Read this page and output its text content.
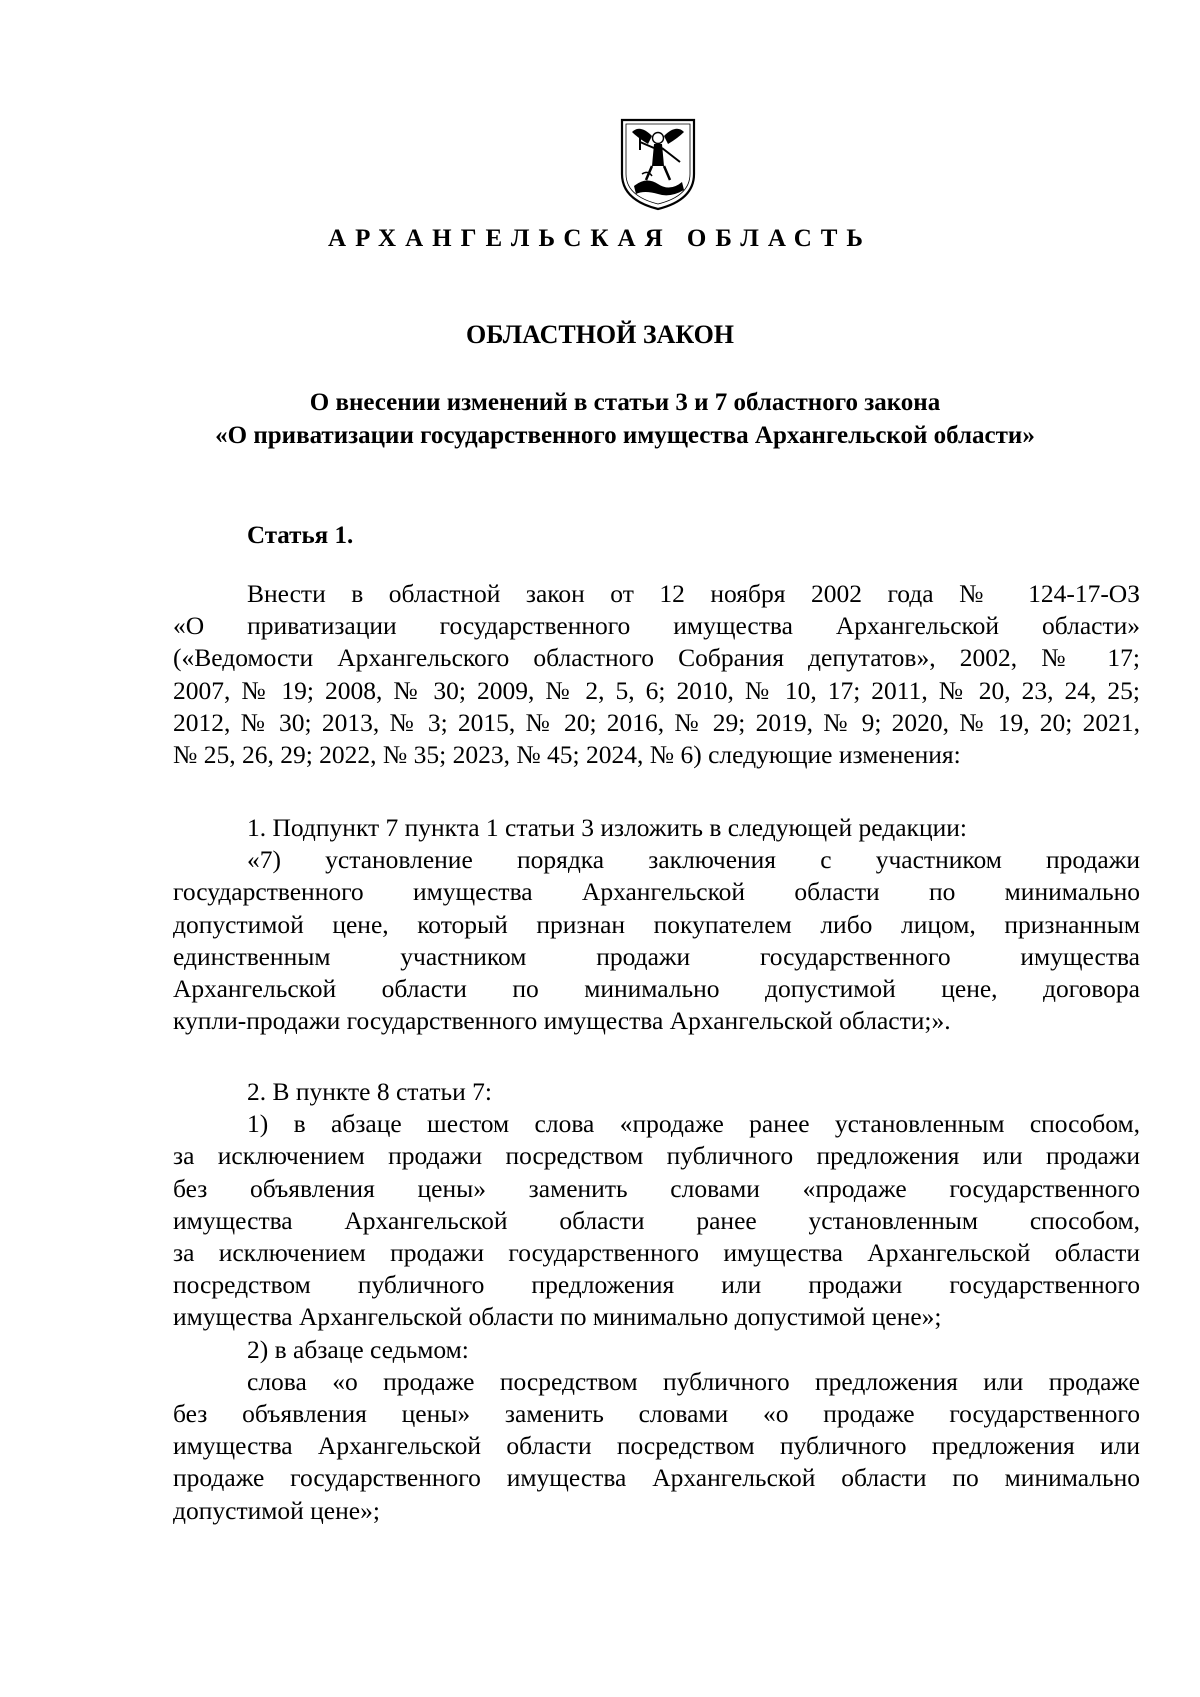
АРХАНГЕЛЬСКАЯ ОБЛАСТЬ
ОБЛАСТНОЙ ЗАКОН
О внесении изменений в статьи 3 и 7 областного закона
«О приватизации государственного имущества Архангельской области»
Статья 1.
Внести в областной закон от 12 ноября 2002 года № 124-17-ОЗ
«О приватизации государственного имущества Архангельской области»
(«Ведомости Архангельского областного Собрания депутатов», 2002, № 17;
2007, № 19; 2008, № 30; 2009, № 2, 5, 6; 2010, № 10, 17; 2011, № 20, 23, 24, 25;
2012, № 30; 2013, № 3; 2015, № 20; 2016, № 29; 2019, № 9; 2020, № 19, 20; 2021,
№ 25, 26, 29; 2022, № 35; 2023, № 45; 2024, № 6) следующие изменения:
1. Подпункт 7 пункта 1 статьи 3 изложить в следующей редакции:
«7) установление порядка заключения с участником продажи
государственного имущества Архангельской области по минимально
допустимой цене, который признан покупателем либо лицом, признанным
единственным участником продажи государственного имущества
Архангельской области по минимально допустимой цене, договора
купли-продажи государственного имущества Архангельской области;».
2. В пункте 8 статьи 7:
1) в абзаце шестом слова «продаже ранее установленным способом,
за исключением продажи посредством публичного предложения или продажи
без объявления цены» заменить словами «продаже государственного
имущества Архангельской области ранее установленным способом,
за исключением продажи государственного имущества Архангельской области
посредством публичного предложения или продажи государственного
имущества Архангельской области по минимально допустимой цене»;
2) в абзаце седьмом:
слова «о продаже посредством публичного предложения или продаже
без объявления цены» заменить словами «о продаже государственного
имущества Архангельской области посредством публичного предложения или
продаже государственного имущества Архангельской области по минимально
допустимой цене»;
